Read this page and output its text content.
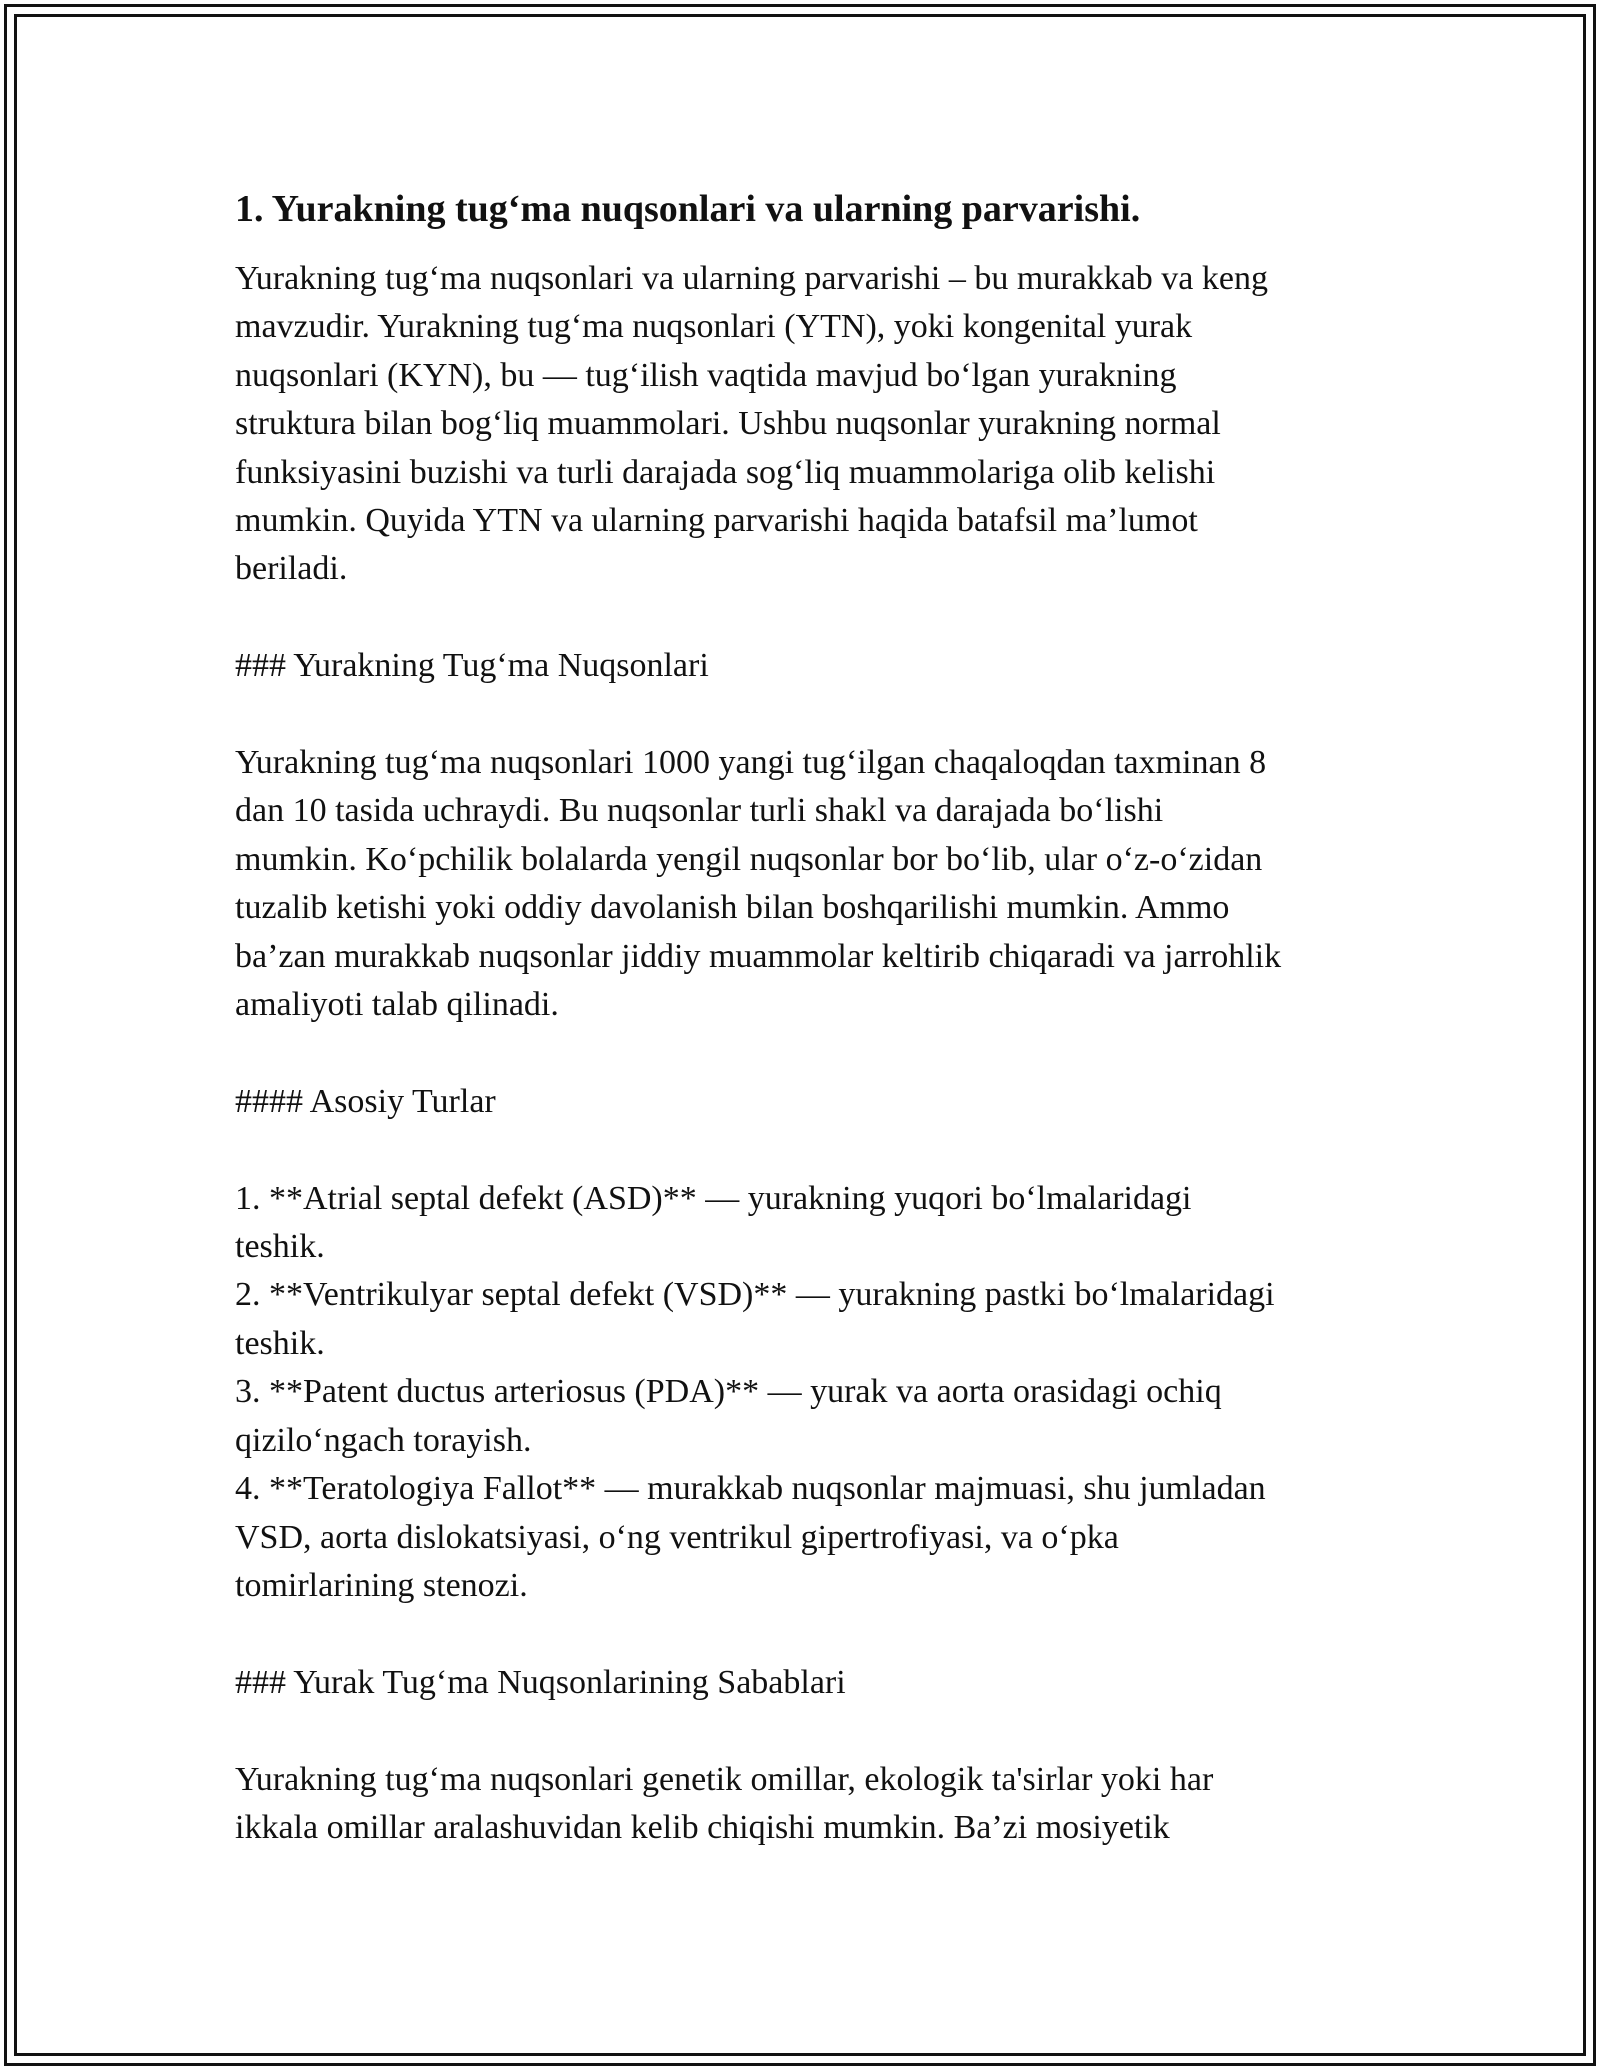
1. Yurakning tug‘ma nuqsonlari va ularning parvarishi.

Yurakning tug‘ma nuqsonlari va ularning parvarishi – bu murakkab va keng

mavzudir. Yurakning tug‘ma nuqsonlari (YTN), yoki kongenital yurak

nuqsonlari (KYN), bu — tug‘ilish vaqtida mavjud bo‘lgan yurakning

struktura bilan bog‘liq muammolari. Ushbu nuqsonlar yurakning normal

funksiyasini buzishi va turli darajada sog‘liq muammolariga olib kelishi

mumkin. Quyida YTN va ularning parvarishi haqida batafsil ma’lumot

beriladi.

### Yurakning Tug‘ma Nuqsonlari

Yurakning tug‘ma nuqsonlari 1000 yangi tug‘ilgan chaqaloqdan taxminan 8

dan 10 tasida uchraydi. Bu nuqsonlar turli shakl va darajada bo‘lishi

mumkin. Ko‘pchilik bolalarda yengil nuqsonlar bor bo‘lib, ular o‘z-o‘zidan

tuzalib ketishi yoki oddiy davolanish bilan boshqarilishi mumkin. Ammo

ba’zan murakkab nuqsonlar jiddiy muammolar keltirib chiqaradi va jarrohlik

amaliyoti talab qilinadi.

#### Asosiy Turlar

1. **Atrial septal defekt (ASD)** — yurakning yuqori bo‘lmalaridagi

teshik.

2. **Ventrikulyar septal defekt (VSD)** — yurakning pastki bo‘lmalaridagi

teshik.

3. **Patent ductus arteriosus (PDA)** — yurak va aorta orasidagi ochiq

qizilo‘ngach torayish.

4. **Teratologiya Fallot** — murakkab nuqsonlar majmuasi, shu jumladan

VSD, aorta dislokatsiyasi, o‘ng ventrikul gipertrofiyasi, va o‘pka

tomirlarining stenozi.

### Yurak Tug‘ma Nuqsonlarining Sabablari

Yurakning tug‘ma nuqsonlari genetik omillar, ekologik ta'sirlar yoki har

ikkala omillar aralashuvidan kelib chiqishi mumkin. Ba’zi mosiyetik
